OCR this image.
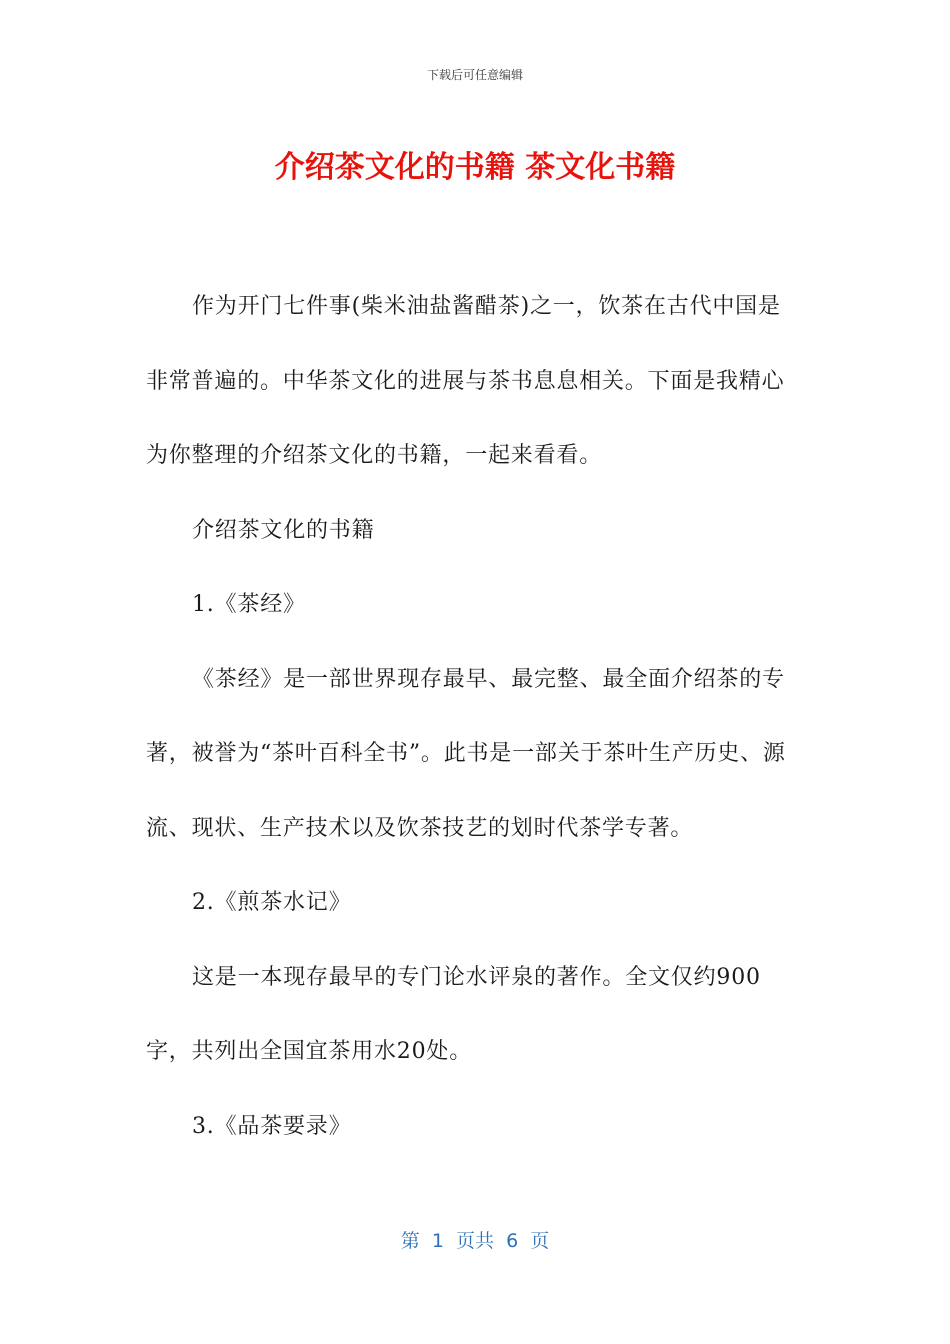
下载后可任意编辑
介绍茶文化的书籍 茶文化书籍

作为开门七件事(柴米油盐酱醋茶)之一，饮茶在古代中国是非常普遍的。中华茶文化的进展与茶书息息相关。下面是我精心为你整理的介绍茶文化的书籍，一起来看看。

介绍茶文化的书籍

1.《茶经》

《茶经》是一部世界现存最早、最完整、最全面介绍茶的专著，被誉为“茶叶百科全书”。此书是一部关于茶叶生产历史、源流、现状、生产技术以及饮茶技艺的划时代茶学专著。

2.《煎茶水记》

这是一本现存最早的专门论水评泉的著作。全文仅约900字，共列出全国宜茶用水20处。

3.《品茶要录》

第  1  页共  6  页
